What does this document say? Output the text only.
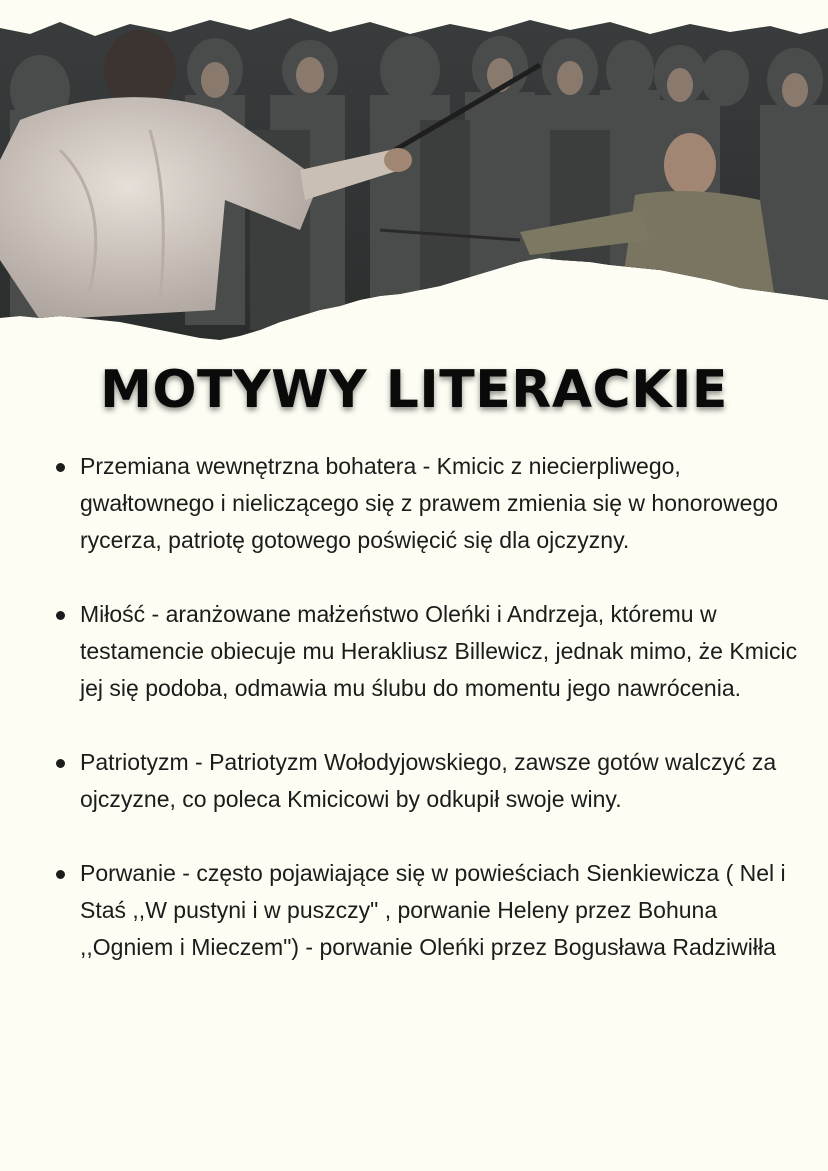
MOTYWY LITERACKIE
Przemiana wewnętrzna bohatera - Kmicic z niecierpliwego, gwałtownego i nieliczącego się z prawem zmienia się w honorowego rycerza, patriotę gotowego poświęcić się dla ojczyzny.
Miłość - aranżowane małżeństwo Oleńki i Andrzeja, któremu w testamencie obiecuje mu Herakliusz Billewicz, jednak mimo, że Kmicic jej się podoba, odmawia mu ślubu do momentu jego nawrócenia.
Patriotyzm - Patriotyzm Wołodyjowskiego, zawsze gotów walczyć za ojczyzne, co poleca Kmicicowi by odkupił swoje winy.
Porwanie - często pojawiające się w powieściach Sienkiewicza ( Nel i Staś ,,W pustyni i w puszczy" , porwanie Heleny przez Bohuna ,,Ogniem i Mieczem") - porwanie Oleńki przez Bogusława Radziwiłła
